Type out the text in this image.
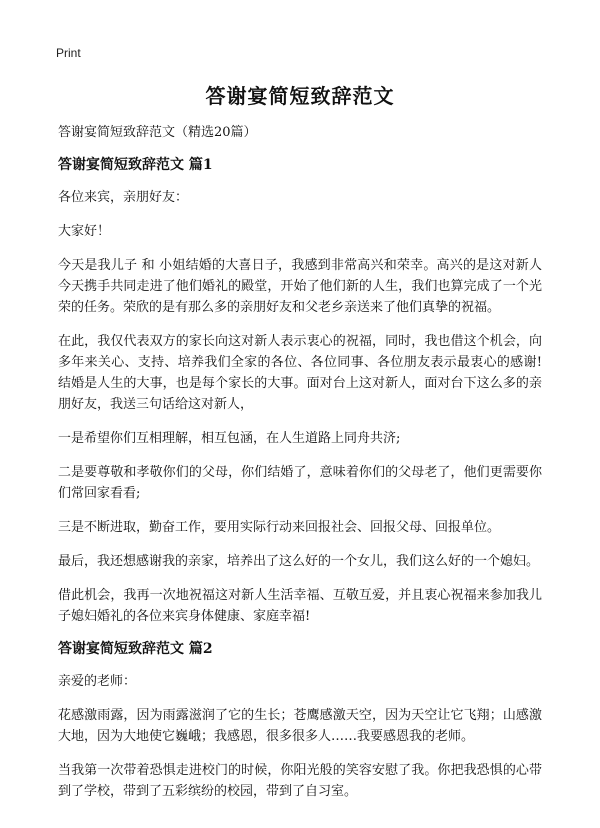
Print
答谢宴简短致辞范文
答谢宴简短致辞范文（精选20篇）
答谢宴简短致辞范文 篇1

各位来宾，亲朋好友：

大家好！

今天是我儿子 和 小姐结婚的大喜日子，我感到非常高兴和荣幸。高兴的是这对新人今天携手共同走进了他们婚礼的殿堂，开始了他们新的人生，我们也算完成了一个光荣的任务。荣欣的是有那么多的亲朋好友和父老乡亲送来了他们真挚的祝福。

在此，我仅代表双方的家长向这对新人表示衷心的祝福，同时，我也借这个机会，向多年来关心、支持、培养我们全家的各位、各位同事、各位朋友表示最衷心的感谢!结婚是人生的大事，也是每个家长的大事。面对台上这对新人，面对台下这么多的亲朋好友，我送三句话给这对新人，

一是希望你们互相理解，相互包涵，在人生道路上同舟共济;

二是要尊敬和孝敬你们的父母，你们结婚了，意味着你们的父母老了，他们更需要你们常回家看看;

三是不断进取，勤奋工作，要用实际行动来回报社会、回报父母、回报单位。

最后，我还想感谢我的亲家，培养出了这么好的一个女儿，我们这么好的一个媳妇。

借此机会，我再一次地祝福这对新人生活幸福、互敬互爱，并且衷心祝福来参加我儿子媳妇婚礼的各位来宾身体健康、家庭幸福!

答谢宴简短致辞范文 篇2

亲爱的老师：

花感激雨露，因为雨露滋润了它的生长；苍鹰感激天空，因为天空让它飞翔；山感激大地，因为大地使它巍峨；我感恩，很多很多人……我要感恩我的老师。

当我第一次带着恐惧走进校门的时候，你阳光般的笑容安慰了我。你把我恐惧的心带到了学校，带到了五彩缤纷的校园，带到了自习室。
